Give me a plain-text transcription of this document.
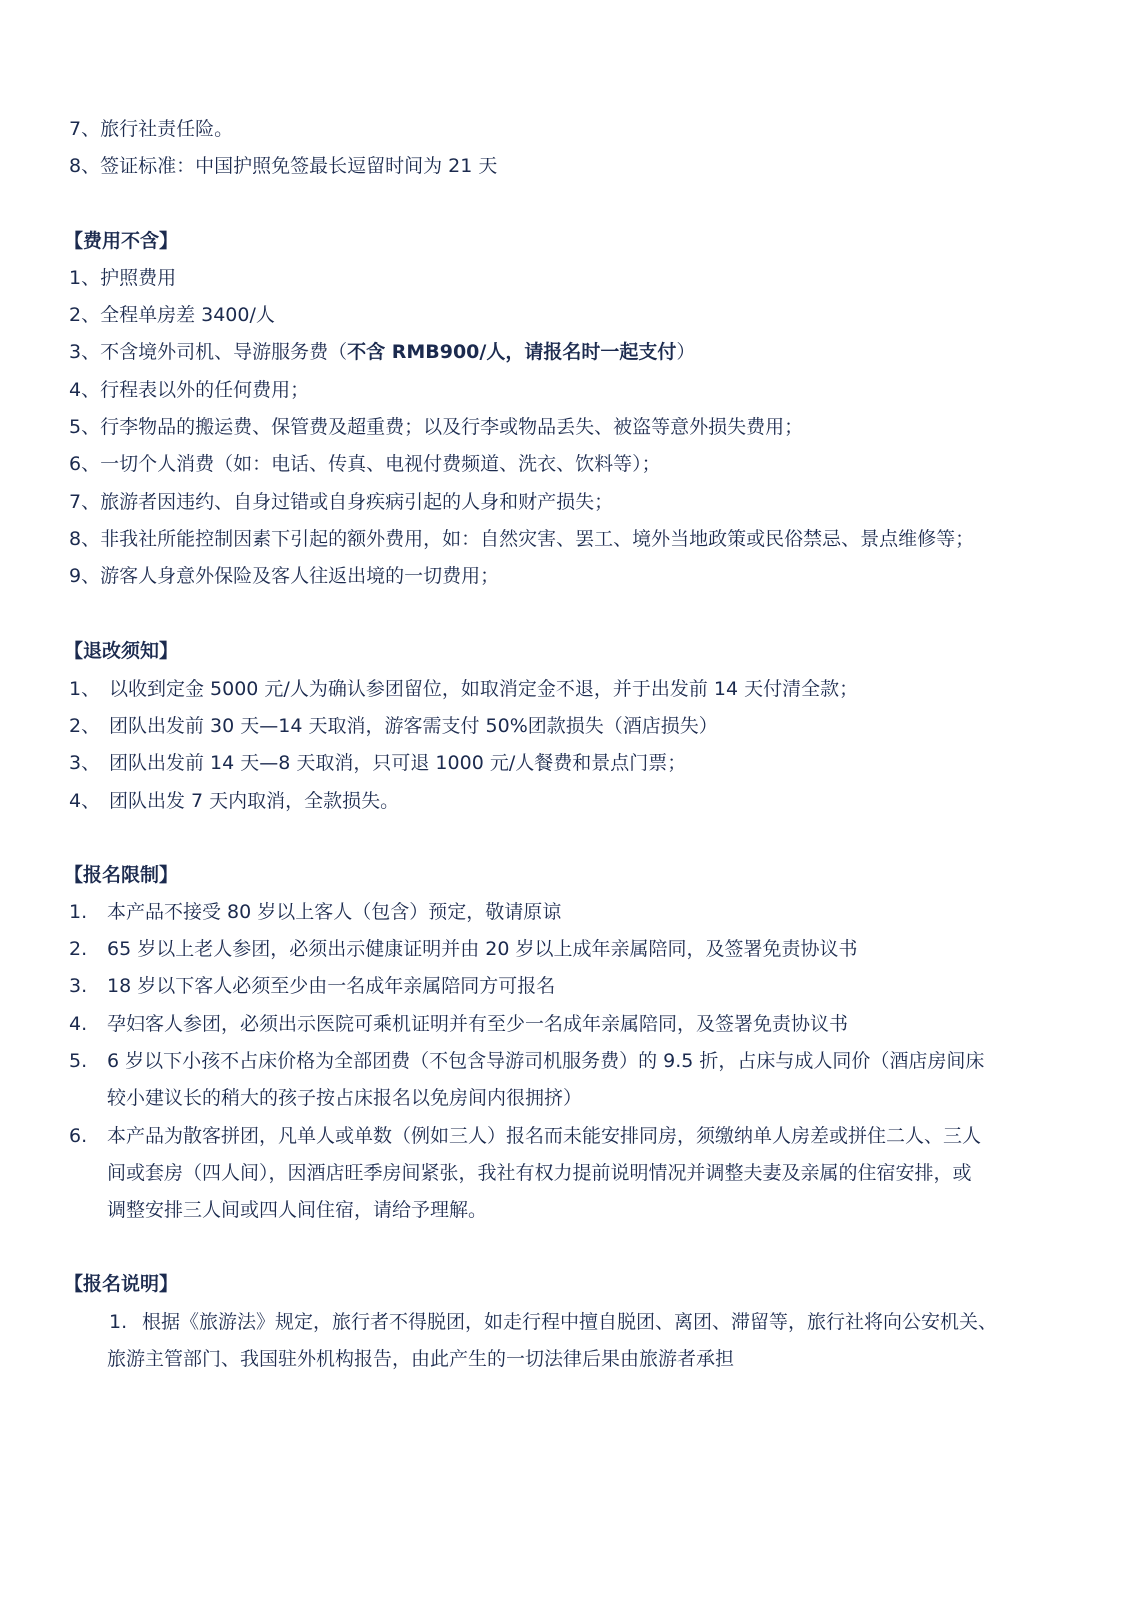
7、旅行社责任险。
8、签证标准：中国护照免签最长逗留时间为 21 天
【费用不含】
1、护照费用
2、全程单房差 3400/人
3、不含境外司机、导游服务费（不含 RMB900/人，请报名时一起支付）
4、行程表以外的任何费用；
5、行李物品的搬运费、保管费及超重费；以及行李或物品丢失、被盗等意外损失费用；
6、一切个人消费（如：电话、传真、电视付费频道、洗衣、饮料等）；
7、旅游者因违约、自身过错或自身疾病引起的人身和财产损失；
8、非我社所能控制因素下引起的额外费用，如：自然灾害、罢工、境外当地政策或民俗禁忌、景点维修等；
9、游客人身意外保险及客人往返出境的一切费用；
【退改须知】
1、 以收到定金 5000 元/人为确认参团留位，如取消定金不退，并于出发前 14 天付清全款；
2、 团队出发前 30 天—14 天取消，游客需支付 50%团款损失（酒店损失）
3、 团队出发前 14 天—8 天取消，只可退 1000 元/人餐费和景点门票；
4、 团队出发 7 天内取消，全款损失。
【报名限制】
1. 本产品不接受 80 岁以上客人（包含）预定，敬请原谅
2. 65 岁以上老人参团，必须出示健康证明并由 20 岁以上成年亲属陪同，及签署免责协议书
3. 18 岁以下客人必须至少由一名成年亲属陪同方可报名
4. 孕妇客人参团，必须出示医院可乘机证明并有至少一名成年亲属陪同，及签署免责协议书
5. 6 岁以下小孩不占床价格为全部团费（不包含导游司机服务费）的 9.5 折，占床与成人同价（酒店房间床
较小建议长的稍大的孩子按占床报名以免房间内很拥挤）
6. 本产品为散客拼团，凡单人或单数（例如三人）报名而未能安排同房，须缴纳单人房差或拼住二人、三人
间或套房（四人间），因酒店旺季房间紧张，我社有权力提前说明情况并调整夫妻及亲属的住宿安排，或
调整安排三人间或四人间住宿，请给予理解。
【报名说明】
1. 根据《旅游法》规定，旅行者不得脱团，如走行程中擅自脱团、离团、滞留等，旅行社将向公安机关、
旅游主管部门、我国驻外机构报告，由此产生的一切法律后果由旅游者承担
